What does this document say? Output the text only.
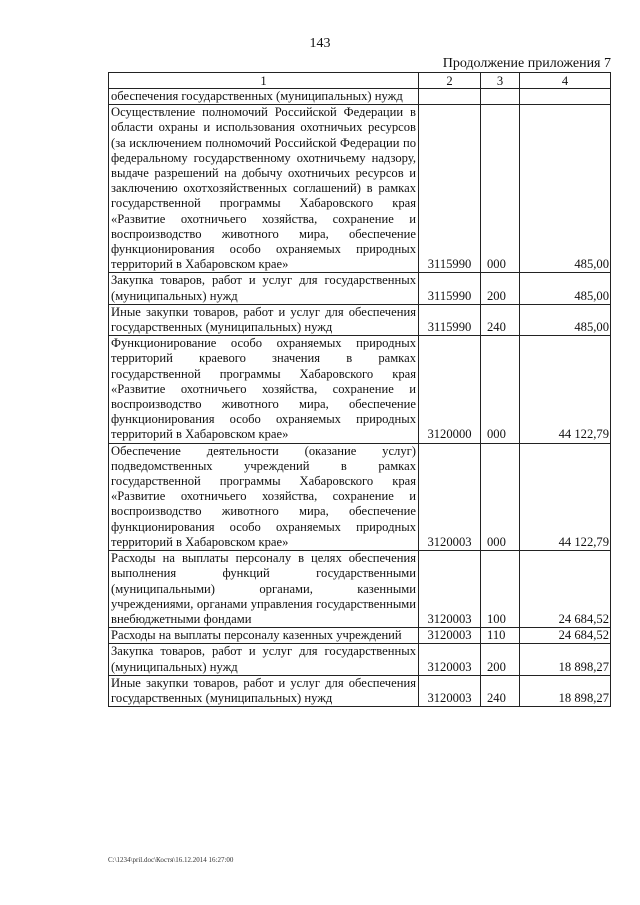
143
Продолжение приложения 7
1	2	3	4
обеспечения государственных (муниципальных) нужд			
Осуществление полномочий Российской Федерации в области охраны и использования охотничьих ресурсов (за исключением полномочий Российской Федерации по федеральному государственному охотничьему надзору, выдаче разрешений на добычу охотничьих ресурсов и заключению охотхозяйственных соглашений) в рамках государственной программы Хабаровского края «Развитие охотничьего хозяйства, сохранение и воспроизводство животного мира, обеспечение функционирования особо охраняемых природных территорий в Хабаровском крае»	3115990	000	485,00
Закупка товаров, работ и услуг для государственных (муниципальных) нужд	3115990	200	485,00
Иные закупки товаров, работ и услуг для обеспечения государственных (муниципальных) нужд	3115990	240	485,00
Функционирование особо охраняемых природных территорий краевого значения в рамках государственной программы Хабаровского края «Развитие охотничьего хозяйства, сохранение и воспроизводство животного мира, обеспечение функционирования особо охраняемых природных территорий в Хабаровском крае»	3120000	000	44 122,79
Обеспечение деятельности (оказание услуг) подведомственных учреждений в рамках государственной программы Хабаровского края «Развитие охотничьего хозяйства, сохранение и воспроизводство животного мира, обеспечение функционирования особо охраняемых природных территорий в Хабаровском крае»	3120003	000	44 122,79
Расходы на выплаты персоналу в целях обеспечения выполнения функций государственными (муниципальными) органами, казенными учреждениями, органами управления государственными внебюджетными фондами	3120003	100	24 684,52
Расходы на выплаты персоналу казенных учреждений	3120003	110	24 684,52
Закупка товаров, работ и услуг для государственных (муниципальных) нужд	3120003	200	18 898,27
Иные закупки товаров, работ и услуг для обеспечения государственных (муниципальных) нужд	3120003	240	18 898,27
C:\1234\pril.doc\Костя\16.12.2014 16:27:00
